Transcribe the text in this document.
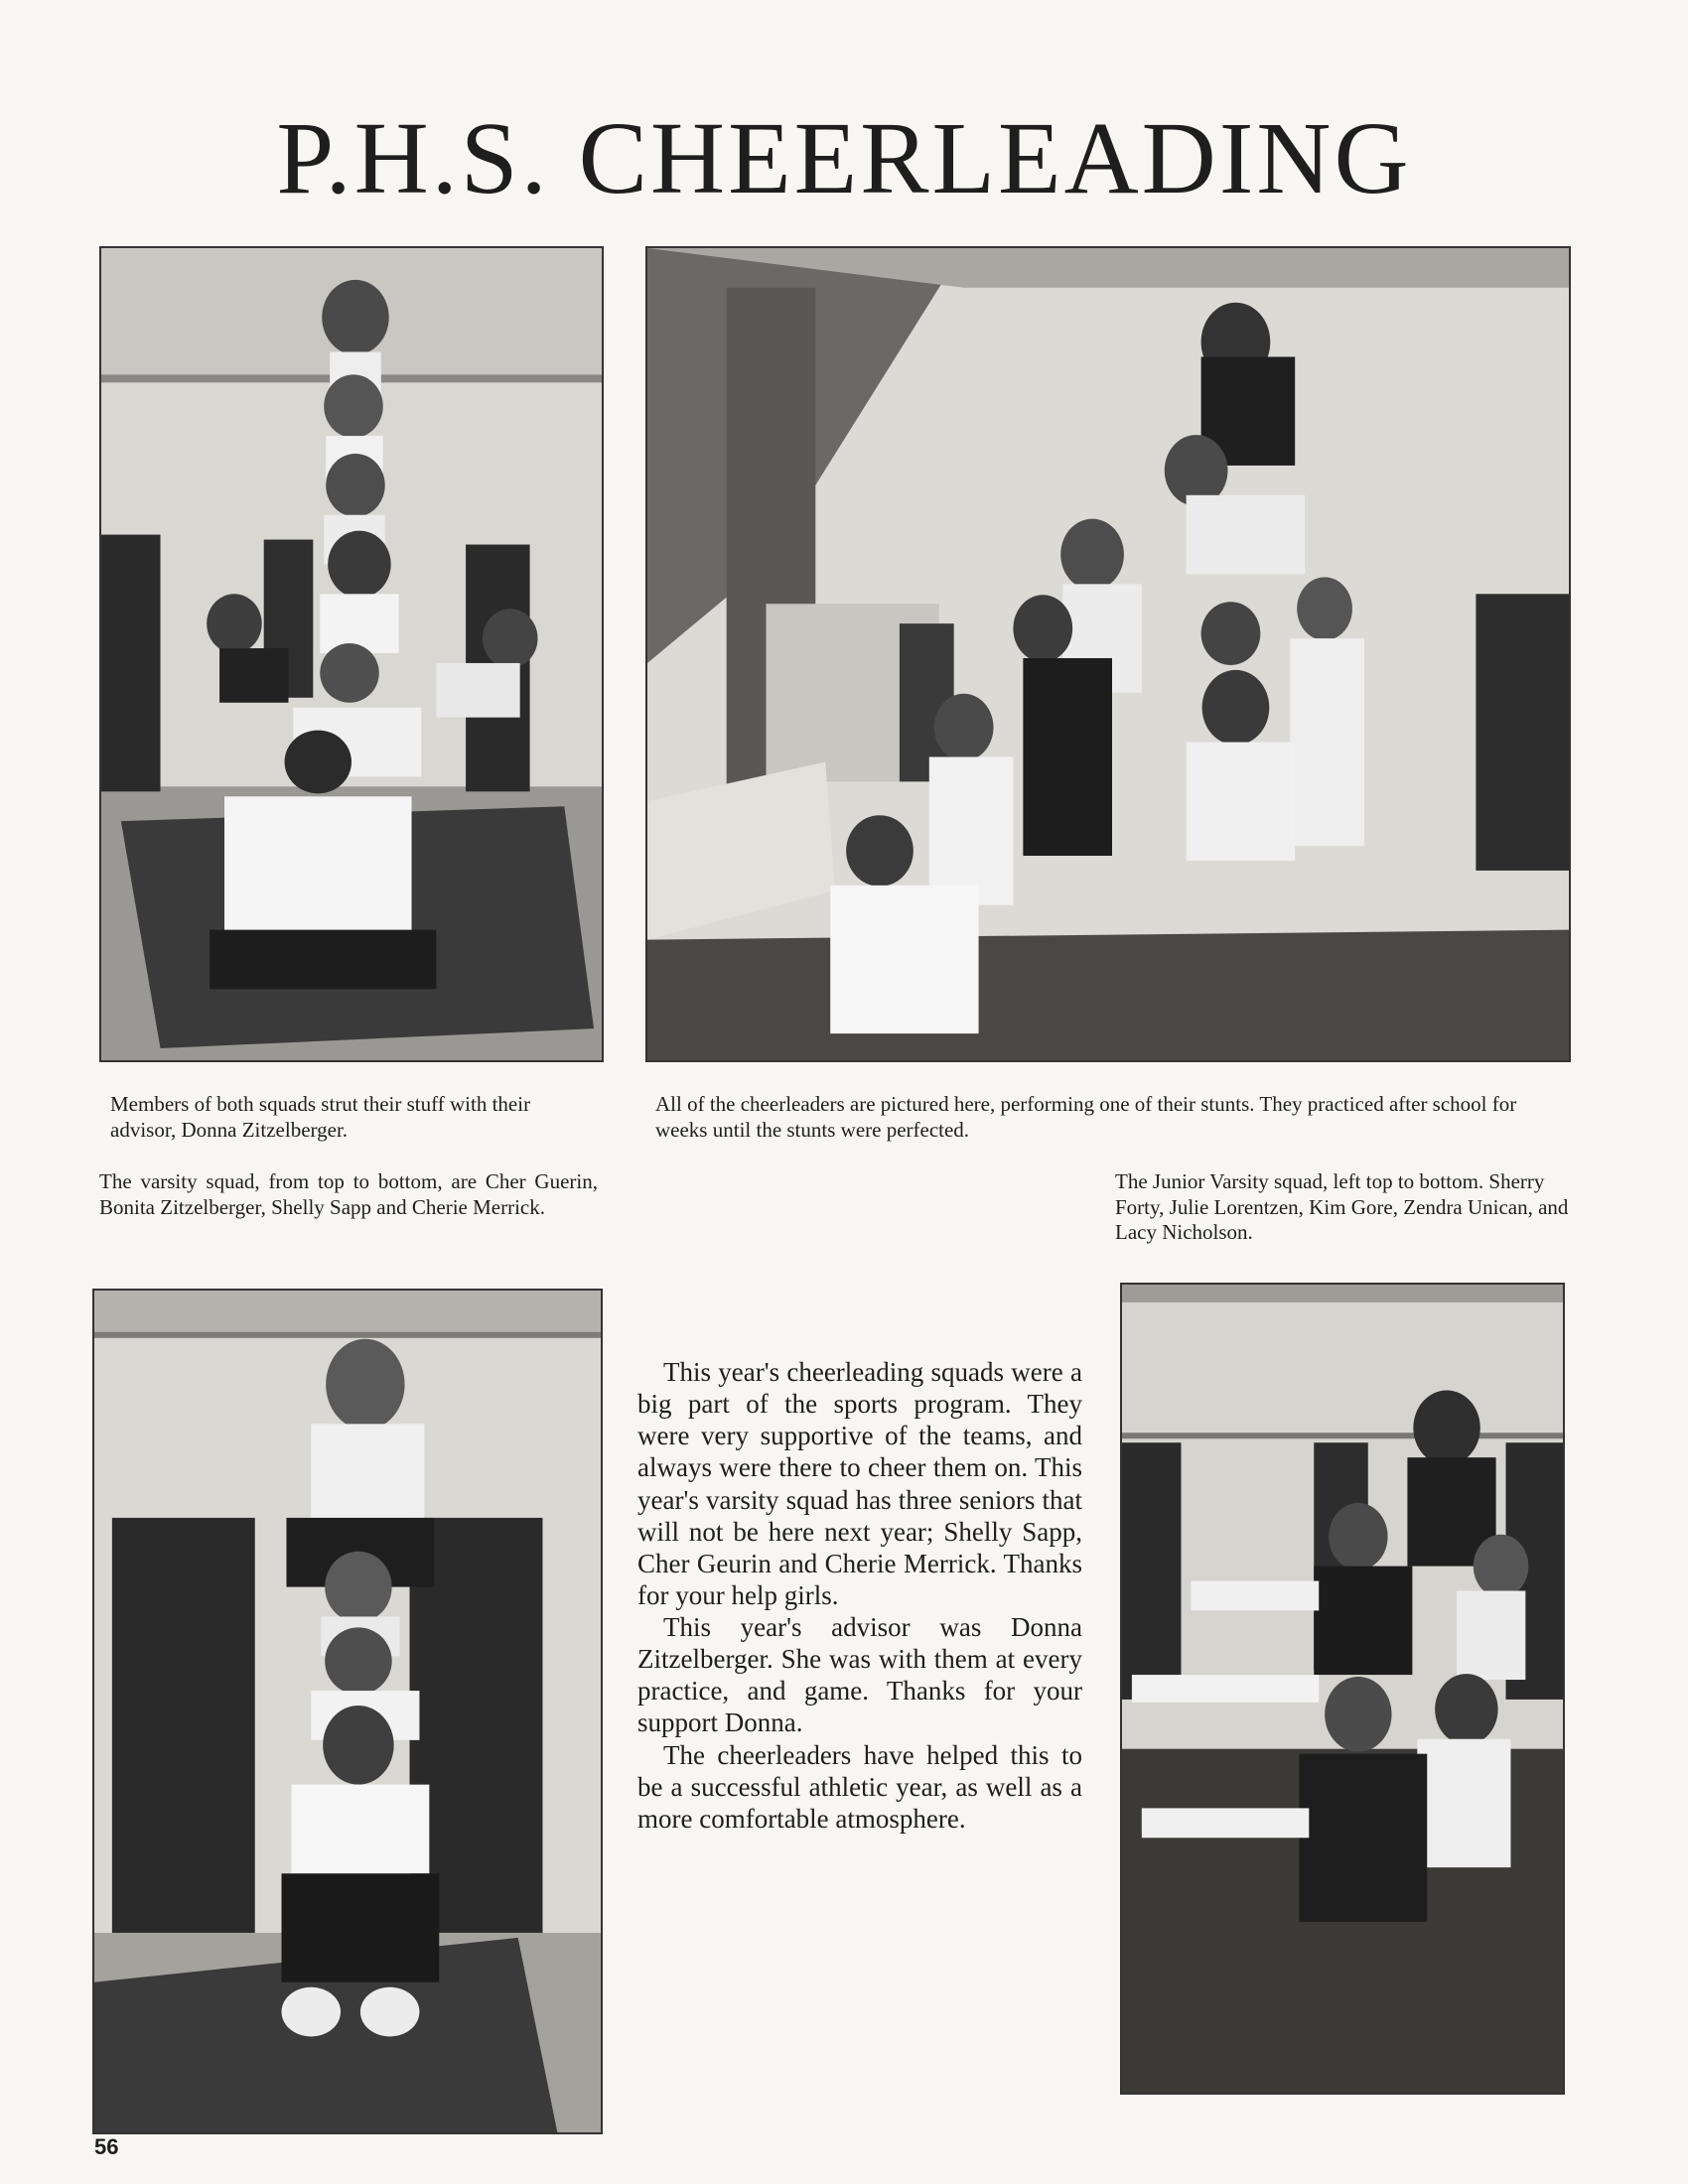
P.H.S. CHEERLEADING

Members of both squads strut their stuff with their advisor, Donna Zitzelberger.

All of the cheerleaders are pictured here, performing one of their stunts. They practiced after school for weeks until the stunts were perfected.

The varsity squad, from top to bottom, are Cher Guerin, Bonita Zitzelberger, Shelly Sapp and Cherie Merrick.

The Junior Varsity squad, left top to bottom. Sherry Forty, Julie Lorentzen, Kim Gore, Zendra Unican, and Lacy Nicholson.

This year's cheerleading squads were a big part of the sports program. They were very supportive of the teams, and always were there to cheer them on. This year's varsity squad has three seniors that will not be here next year; Shelly Sapp, Cher Geurin and Cherie Merrick. Thanks for your help girls.

This year's advisor was Donna Zitzelberger. She was with them at every practice, and game. Thanks for your support Donna.

The cheerleaders have helped this to be a successful athletic year, as well as a more comfortable atmosphere.

56
